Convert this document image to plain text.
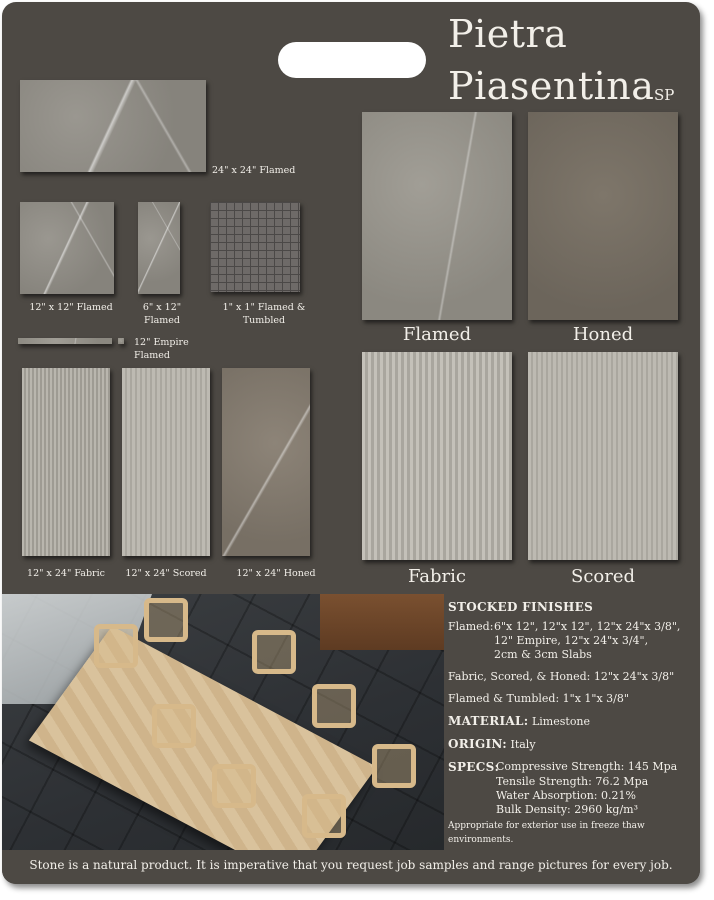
Pietra
Piasentina SP
24" x 24" Flamed
12" x 12" Flamed	6" x 12"
Flamed
1" x 1" Flamed &
Tumbled
12" Empire Flamed
12" x 24" Fabric	12" x 24" Scored	12" x 24" Honed
Flamed	Honed
Fabric	Scored
STOCKED FINISHES
Flamed: 6"x 12", 12"x 12", 12"x 24"x 3/8",
12" Empire, 12"x 24"x 3/4",
2cm & 3cm Slabs
Fabric, Scored, & Honed: 12"x 24"x 3/8"
Flamed & Tumbled: 1"x 1"x 3/8"
MATERIAL: Limestone
ORIGIN: Italy
SPECS:
Compressive Strength: 145 Mpa
Tensile Strength: 76.2 Mpa
Water Absorption: 0.21%
Bulk Density: 2960 kg/m³
Appropriate for exterior use in freeze thaw environments.
Stone is a natural product. It is imperative that you request job samples and range pictures for every job.
